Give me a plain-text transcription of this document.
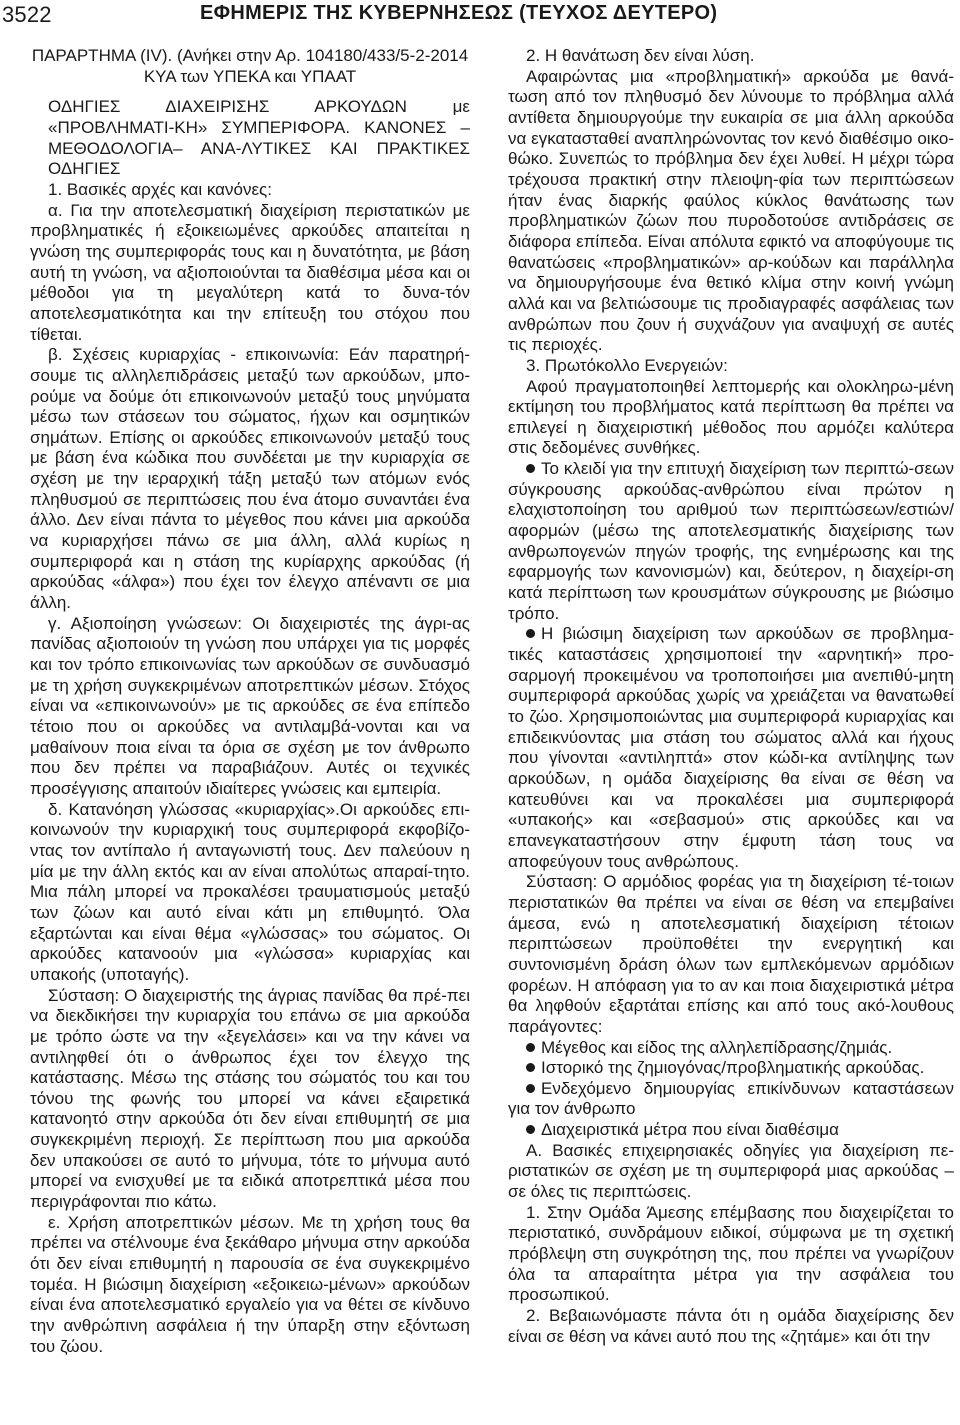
3522	ΕΦΗΜΕΡΙΣ ΤΗΣ ΚΥΒΕΡΝΗΣΕΩΣ (ΤΕΥΧΟΣ ΔΕΥΤΕΡΟ)

ΠΑΡΑΡΤΗΜΑ (IV). (Ανήκει στην Αρ. 104180/433/5-2-2014

ΚΥΑ των ΥΠΕΚΑ και ΥΠΑΑΤ

ΟΔΗΓΙΕΣ ΔΙΑΧΕΙΡΙΣΗΣ ΑΡΚΟΥΔΩΝ με «ΠΡΟΒΛΗΜΑΤΙ-ΚΗ» ΣΥΜΠΕΡΙΦΟΡΑ. ΚΑΝΟΝΕΣ – ΜΕΘΟΔΟΛΟΓΙΑ– ΑΝΑ-ΛΥΤΙΚΕΣ ΚΑΙ ΠΡΑΚΤΙΚΕΣ ΟΔΗΓΙΕΣ

1. Βασικές αρχές και κανόνες:

α. Για την αποτελεσματική διαχείριση περιστατικών με προβληματικές ή εξοικειωμένες αρκούδες απαιτείται η γνώση της συμπεριφοράς τους και η δυνατότητα, με βάση αυτή τη γνώση, να αξιοποιούνται τα διαθέσιμα μέσα και οι μέθοδοι για τη μεγαλύτερη κατά το δυνα-τόν αποτελεσματικότητα και την επίτευξη του στόχου που τίθεται.

β. Σχέσεις κυριαρχίας - επικοινωνία: Εάν παρατηρή-σουμε τις αλληλεπιδράσεις μεταξύ των αρκούδων, μπο-ρούμε να δούμε ότι επικοινωνούν μεταξύ τους μηνύματα μέσω των στάσεων του σώματος, ήχων και οσμητικών σημάτων. Επίσης οι αρκούδες επικοινωνούν μεταξύ τους με βάση ένα κώδικα που συνδέεται με την κυριαρχία σε σχέση με την ιεραρχική τάξη μεταξύ των ατόμων ενός πληθυσμού σε περιπτώσεις που ένα άτομο συναντάει ένα άλλο. Δεν είναι πάντα το μέγεθος που κάνει μια αρκούδα να κυριαρχήσει πάνω σε μια άλλη, αλλά κυρίως η συμπεριφορά και η στάση της κυρίαρχης αρκούδας (ή αρκούδας «άλφα») που έχει τον έλεγχο απέναντι σε μια άλλη.

γ. Αξιοποίηση γνώσεων: Οι διαχειριστές της άγρι-ας πανίδας αξιοποιούν τη γνώση που υπάρχει για τις μορφές και τον τρόπο επικοινωνίας των αρκούδων σε συνδυασμό με τη χρήση συγκεκριμένων αποτρεπτικών μέσων. Στόχος είναι να «επικοινωνούν» με τις αρκούδες σε ένα επίπεδο τέτοιο που οι αρκούδες να αντιλαμβά-νονται και να μαθαίνουν ποια είναι τα όρια σε σχέση με τον άνθρωπο που δεν πρέπει να παραβιάζουν. Αυτές οι τεχνικές προσέγγισης απαιτούν ιδιαίτερες γνώσεις και εμπειρία.

δ. Κατανόηση γλώσσας «κυριαρχίας».Οι αρκούδες επι-κοινωνούν την κυριαρχική τους συμπεριφορά εκφοβίζο-ντας τον αντίπαλο ή ανταγωνιστή τους. Δεν παλεύουν η μία με την άλλη εκτός και αν είναι απολύτως απαραί-τητο. Μια πάλη μπορεί να προκαλέσει τραυματισμούς μεταξύ των ζώων και αυτό είναι κάτι μη επιθυμητό. Όλα εξαρτώνται και είναι θέμα «γλώσσας» του σώματος. Οι αρκούδες κατανοούν μια «γλώσσα» κυριαρχίας και υπακοής (υποταγής).

Σύσταση: Ο διαχειριστής της άγριας πανίδας θα πρέ-πει να διεκδικήσει την κυριαρχία του επάνω σε μια αρκούδα με τρόπο ώστε να την «ξεγελάσει» και να την κάνει να αντιληφθεί ότι ο άνθρωπος έχει τον έλεγχο της κατάστασης. Μέσω της στάσης του σώματός του και του τόνου της φωνής του μπορεί να κάνει εξαιρετικά κατανοητό στην αρκούδα ότι δεν είναι επιθυμητή σε μια συγκεκριμένη περιοχή. Σε περίπτωση που μια αρκούδα δεν υπακούσει σε αυτό το μήνυμα, τότε το μήνυμα αυτό μπορεί να ενισχυθεί με τα ειδικά αποτρεπτικά μέσα που περιγράφονται πιο κάτω.

ε. Χρήση αποτρεπτικών μέσων. Με τη χρήση τους θα πρέπει να στέλνουμε ένα ξεκάθαρο μήνυμα στην αρκούδα ότι δεν είναι επιθυμητή η παρουσία σε ένα συγκεκριμένο τομέα. Η βιώσιμη διαχείριση «εξοικειω-μένων» αρκούδων είναι ένα αποτελεσματικό εργαλείο για να θέτει σε κίνδυνο την ανθρώπινη ασφάλεια ή την ύπαρξη στην εξόντωση του ζώου.

2. Η θανάτωση δεν είναι λύση.

Αφαιρώντας μια «προβληματική» αρκούδα με θανά-τωση από τον πληθυσμό δεν λύνουμε το πρόβλημα αλλά αντίθετα δημιουργούμε την ευκαιρία σε μια άλλη αρκούδα να εγκατασταθεί αναπληρώνοντας τον κενό διαθέσιμο οικο-θώκο. Συνεπώς το πρόβλημα δεν έχει λυθεί. Η μέχρι τώρα τρέχουσα πρακτική στην πλειοψη-φία των περιπτώσεων ήταν ένας διαρκής φαύλος κύκλος θανάτωσης των προβληματικών ζώων που πυροδοτούσε αντιδράσεις σε διάφορα επίπεδα. Είναι απόλυτα εφικτό να αποφύγουμε τις θανατώσεις «προβληματικών» αρ-κούδων και παράλληλα να δημιουργήσουμε ένα θετικό κλίμα στην κοινή γνώμη αλλά και να βελτιώσουμε τις προδιαγραφές ασφάλειας των ανθρώπων που ζουν ή συχνάζουν για αναψυχή σε αυτές τις περιοχές.

3. Πρωτόκολλο Ενεργειών:

Αφού πραγματοποιηθεί λεπτομερής και ολοκληρω-μένη εκτίμηση του προβλήματος κατά περίπτωση θα πρέπει να επιλεγεί η διαχειριστική μέθοδος που αρμόζει καλύτερα στις δεδομένες συνθήκες.

Το κλειδί για την επιτυχή διαχείριση των περιπτώ-σεων σύγκρουσης αρκούδας-ανθρώπου είναι πρώτον η ελαχιστοποίηση του αριθμού των περιπτώσεων/εστιών/ αφορμών (μέσω της αποτελεσματικής διαχείρισης των ανθρωπογενών πηγών τροφής, της ενημέρωσης και της εφαρμογής των κανονισμών) και, δεύτερον, η διαχείρι-ση κατά περίπτωση των κρουσμάτων σύγκρουσης με βιώσιμο τρόπο.

Η βιώσιμη διαχείριση των αρκούδων σε προβλημα-τικές καταστάσεις χρησιμοποιεί την «αρνητική» προ-σαρμογή προκειμένου να τροποποιήσει μια ανεπιθύ-μητη συμπεριφορά αρκούδας χωρίς να χρειάζεται να θανατωθεί το ζώο. Χρησιμοποιώντας μια συμπεριφορά κυριαρχίας και επιδεικνύοντας μια στάση του σώματος αλλά και ήχους που γίνονται «αντιληπτά» στον κώδι-κα αντίληψης των αρκούδων, η ομάδα διαχείρισης θα είναι σε θέση να κατευθύνει και να προκαλέσει μια συμπεριφορά «υπακοής» και «σεβασμού» στις αρκούδες και να επανεγκαταστήσουν στην έμφυτη τάση τους να αποφεύγουν τους ανθρώπους.

Σύσταση: Ο αρμόδιος φορέας για τη διαχείριση τέ-τοιων περιστατικών θα πρέπει να είναι σε θέση να επεμβαίνει άμεσα, ενώ η αποτελεσματική διαχείριση τέτοιων περιπτώσεων προϋποθέτει την ενεργητική και συντονισμένη δράση όλων των εμπλεκόμενων αρμόδιων φορέων. Η απόφαση για το αν και ποια διαχειριστικά μέτρα θα ληφθούν εξαρτάται επίσης και από τους ακό-λουθους παράγοντες:

Μέγεθος και είδος της αλληλεπίδρασης/ζημιάς.

Ιστορικό της ζημιογόνας/προβληματικής αρκούδας.

Ενδεχόμενο δημιουργίας επικίνδυνων καταστάσεων για τον άνθρωπο

Διαχειριστικά μέτρα που είναι διαθέσιμα

Α. Βασικές επιχειρησιακές οδηγίες για διαχείριση πε-ριστατικών σε σχέση με τη συμπεριφορά μιας αρκούδας – σε όλες τις περιπτώσεις.

1. Στην Ομάδα Άμεσης επέμβασης που διαχειρίζεται το περιστατικό, συνδράμουν ειδικοί, σύμφωνα με τη σχετική πρόβλεψη στη συγκρότηση της, που πρέπει να γνωρίζουν όλα τα απαραίτητα μέτρα για την ασφάλεια του προσωπικού.

2. Βεβαιωνόμαστε πάντα ότι η ομάδα διαχείρισης δεν είναι σε θέση να κάνει αυτό που της «ζητάμε» και ότι την
